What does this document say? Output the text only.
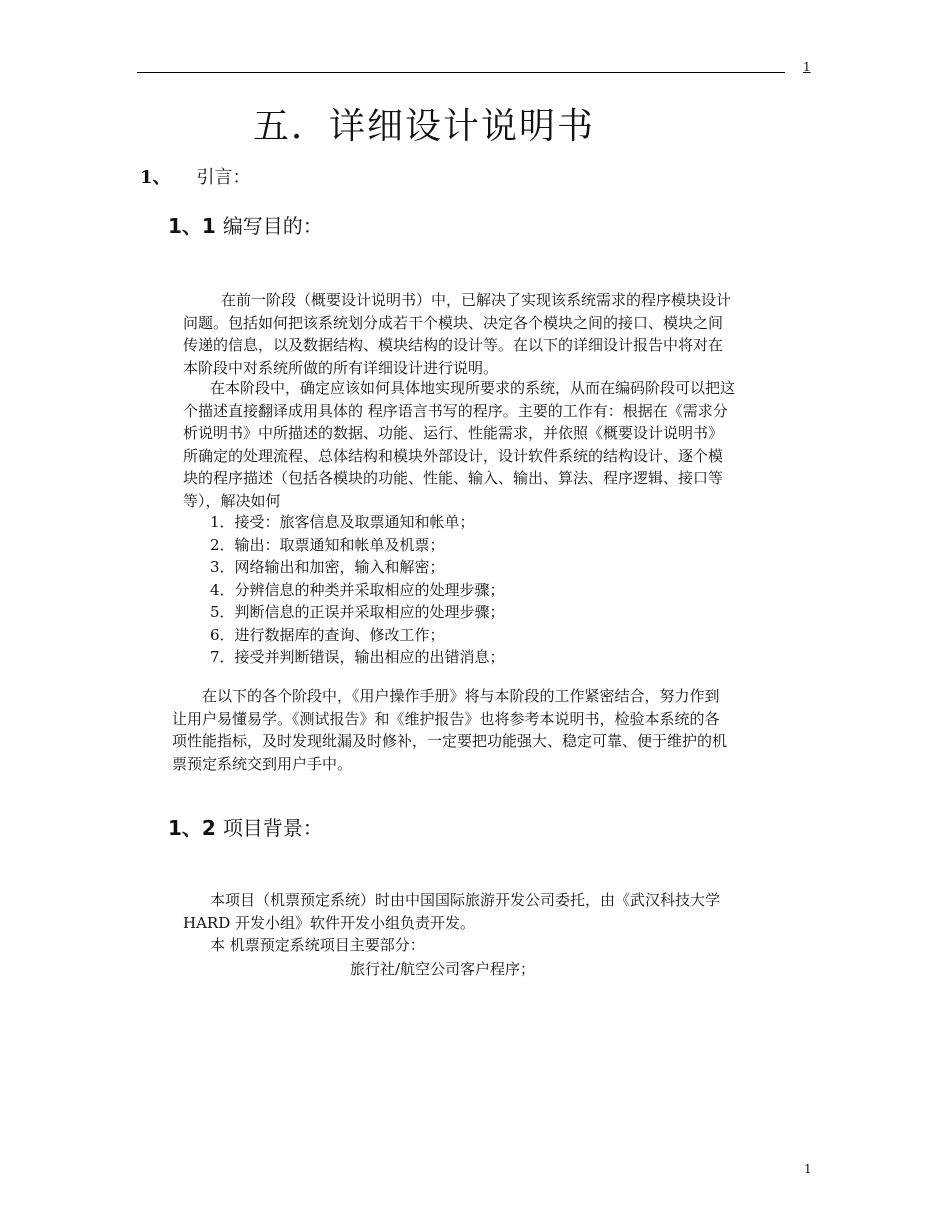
1
五．详细设计说明书
1、 引言：
1、1 编写目的：
在前一阶段（概要设计说明书）中，已解决了实现该系统需求的程序模块设计
问题。包括如何把该系统划分成若干个模块、决定各个模块之间的接口、模块之间
传递的信息，以及数据结构、模块结构的设计等。在以下的详细设计报告中将对在
本阶段中对系统所做的所有详细设计进行说明。
在本阶段中，确定应该如何具体地实现所要求的系统，从而在编码阶段可以把这
个描述直接翻译成用具体的 程序语言书写的程序。主要的工作有：根据在《需求分
析说明书》中所描述的数据、功能、运行、性能需求，并依照《概要设计说明书》
所确定的处理流程、总体结构和模块外部设计，设计软件系统的结构设计、逐个模
块的程序描述（包括各模块的功能、性能、输入、输出、算法、程序逻辑、接口等
等），解决如何
1．接受：旅客信息及取票通知和帐单；
2．输出：取票通知和帐单及机票；
3．网络输出和加密，输入和解密；
4．分辨信息的种类并采取相应的处理步骤；
5．判断信息的正误并采取相应的处理步骤；
6．进行数据库的查询、修改工作；
7．接受并判断错误，输出相应的出错消息；
在以下的各个阶段中，《用户操作手册》将与本阶段的工作紧密结合，努力作到
让用户易懂易学。《测试报告》和《维护报告》也将参考本说明书，检验本系统的各
项性能指标，及时发现纰漏及时修补，一定要把功能强大、稳定可靠、便于维护的机
票预定系统交到用户手中。
1、2 项目背景：
本项目（机票预定系统）时由中国国际旅游开发公司委托，由《武汉科技大学
HARD 开发小组》软件开发小组负责开发。
本 机票预定系统项目主要部分：
旅行社/航空公司客户程序；
1
